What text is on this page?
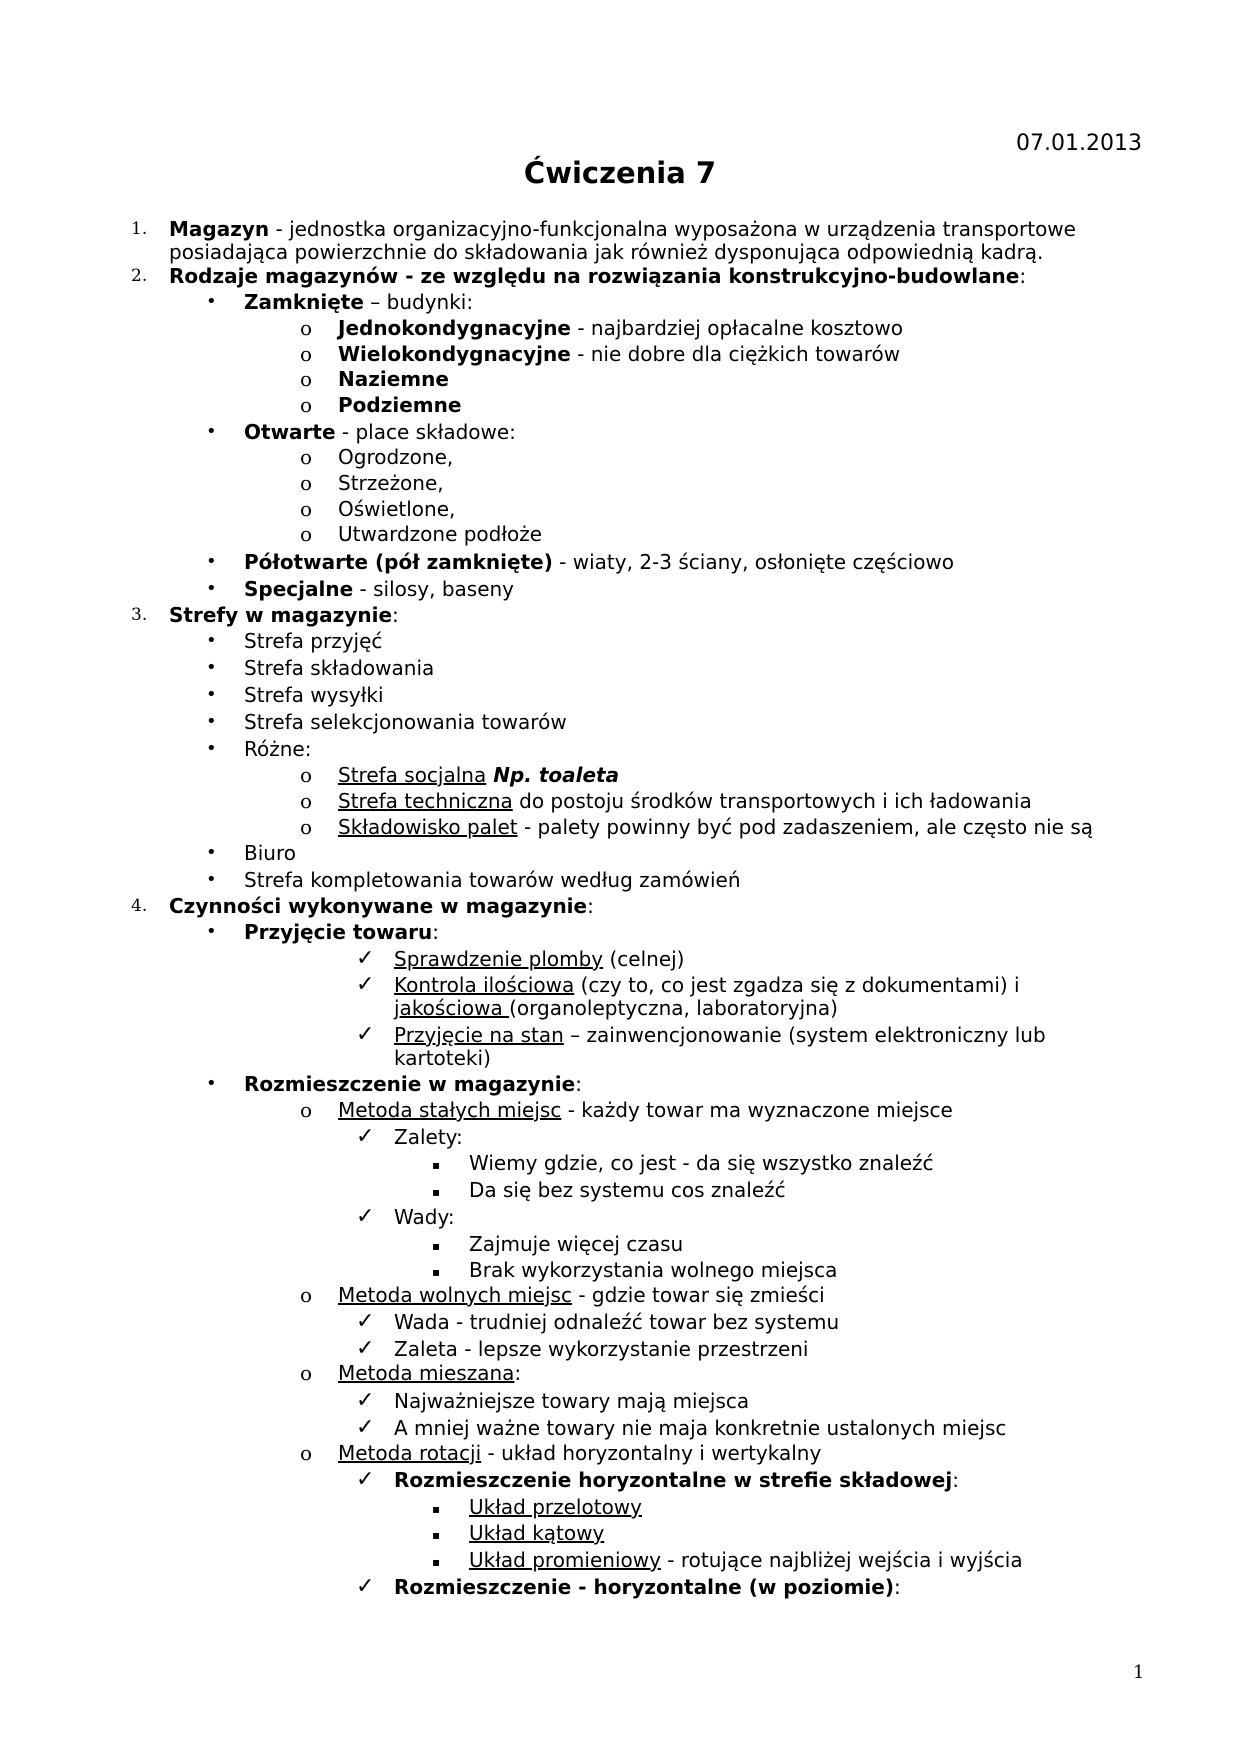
07.01.2013
Ćwiczenia 7
1. Magazyn - jednostka organizacyjno-funkcjonalna wyposażona w urządzenia transportowe
posiadająca powierzchnie do składowania jak również dysponująca odpowiednią kadrą.
2. Rodzaje magazynów - ze względu na rozwiązania konstrukcyjno-budowlane:
• Zamknięte – budynki:
o Jednokondygnacyjne - najbardziej opłacalne kosztowo
o Wielokondygnacyjne - nie dobre dla ciężkich towarów
o Naziemne
o Podziemne
• Otwarte - place składowe:
o Ogrodzone,
o Strzeżone,
o Oświetlone,
o Utwardzone podłoże
• Półotwarte (pół zamknięte) - wiaty, 2-3 ściany, osłonięte częściowo
• Specjalne - silosy, baseny
3. Strefy w magazynie:
• Strefa przyjęć
• Strefa składowania
• Strefa wysyłki
• Strefa selekcjonowania towarów
• Różne:
o Strefa socjalna Np. toaleta
o Strefa techniczna do postoju środków transportowych i ich ładowania
o Składowisko palet - palety powinny być pod zadaszeniem, ale często nie są
• Biuro
• Strefa kompletowania towarów według zamówień
4. Czynności wykonywane w magazynie:
• Przyjęcie towaru:
✓ Sprawdzenie plomby (celnej)
✓ Kontrola ilościowa (czy to, co jest zgadza się z dokumentami) i
jakościowa (organoleptyczna, laboratoryjna)
✓ Przyjęcie na stan – zainwencjonowanie (system elektroniczny lub
kartoteki)
• Rozmieszczenie w magazynie:
o Metoda stałych miejsc - każdy towar ma wyznaczone miejsce
✓ Zalety:
▪ Wiemy gdzie, co jest - da się wszystko znaleźć
▪ Da się bez systemu cos znaleźć
✓ Wady:
▪ Zajmuje więcej czasu
▪ Brak wykorzystania wolnego miejsca
o Metoda wolnych miejsc - gdzie towar się zmieści
✓ Wada - trudniej odnaleźć towar bez systemu
✓ Zaleta - lepsze wykorzystanie przestrzeni
o Metoda mieszana:
✓ Najważniejsze towary mają miejsca
✓ A mniej ważne towary nie maja konkretnie ustalonych miejsc
o Metoda rotacji - układ horyzontalny i wertykalny
✓ Rozmieszczenie horyzontalne w strefie składowej:
▪ Układ przelotowy
▪ Układ kątowy
▪ Układ promieniowy - rotujące najbliżej wejścia i wyjścia
✓ Rozmieszczenie - horyzontalne (w poziomie):
1
